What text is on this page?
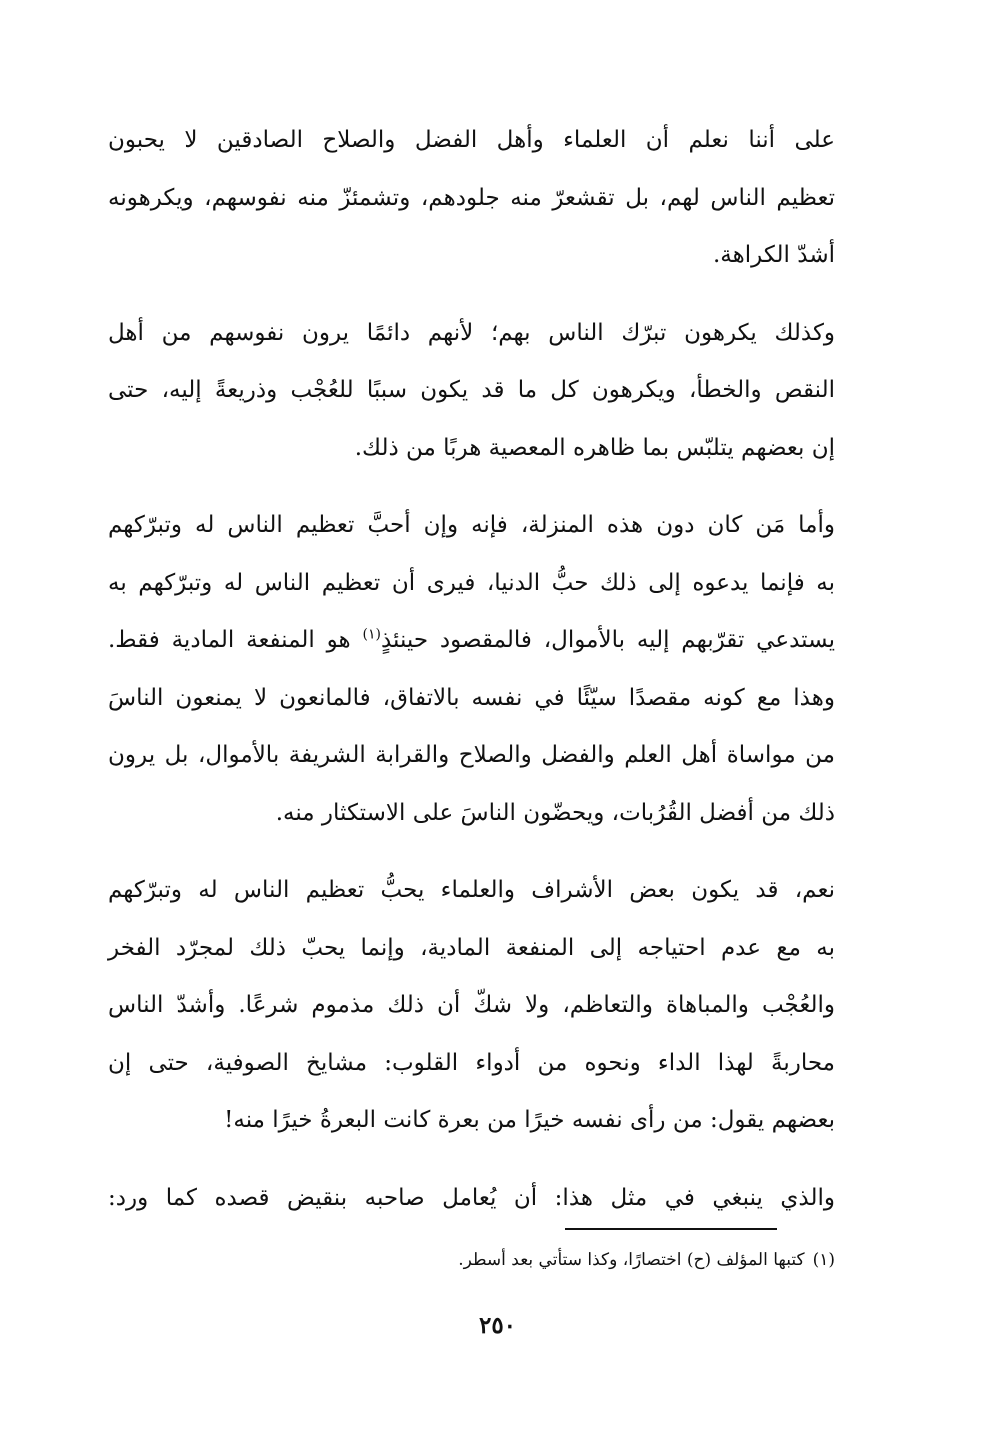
على أننا نعلم أن العلماء وأهل الفضل والصلاح الصادقين لا يحبون
تعظيم الناس لهم، بل تقشعرّ منه جلودهم، وتشمئزّ منه نفوسهم، ويكرهونه
أشدّ الكراهة.

وكذلك يكرهون تبرّك الناس بهم؛ لأنهم دائمًا يرون نفوسهم من أهل
النقص والخطأ، ويكرهون كل ما قد يكون سببًا للعُجْب وذريعةً إليه، حتى
إن بعضهم يتلبّس بما ظاهره المعصية هربًا من ذلك.

وأما مَن كان دون هذه المنزلة، فإنه وإن أحبَّ تعظيم الناس له وتبرّكهم
به فإنما يدعوه إلى ذلك حبُّ الدنيا، فيرى أن تعظيم الناس له وتبرّكهم به
يستدعي تقرّبهم إليه بالأموال، فالمقصود حينئذٍ$^{(١)}$ هو المنفعة المادية فقط.
وهذا مع كونه مقصدًا سيّئًا في نفسه بالاتفاق، فالمانعون لا يمنعون الناسَ
من مواساة أهل العلم والفضل والصلاح والقرابة الشريفة بالأموال، بل يرون
ذلك من أفضل القُرُبات، ويحضّون الناسَ على الاستكثار منه.

نعم، قد يكون بعض الأشراف والعلماء يحبُّ تعظيم الناس له وتبرّكهم
به مع عدم احتياجه إلى المنفعة المادية، وإنما يحبّ ذلك لمجرّد الفخر
والعُجْب والمباهاة والتعاظم، ولا شكّ أن ذلك مذموم شرعًا. وأشدّ الناس
محاربةً لهذا الداء ونحوه من أدواء القلوب: مشايخ الصوفية، حتى إن
بعضهم يقول: من رأى نفسه خيرًا من بعرة كانت البعرةُ خيرًا منه!

والذي ينبغي في مثل هذا: أن يُعامل صاحبه بنقيض قصده كما ورد:

(١)كتبها المؤلف (ح) اختصارًا، وكذا ستأتي بعد أسطر.
٢٥٠
